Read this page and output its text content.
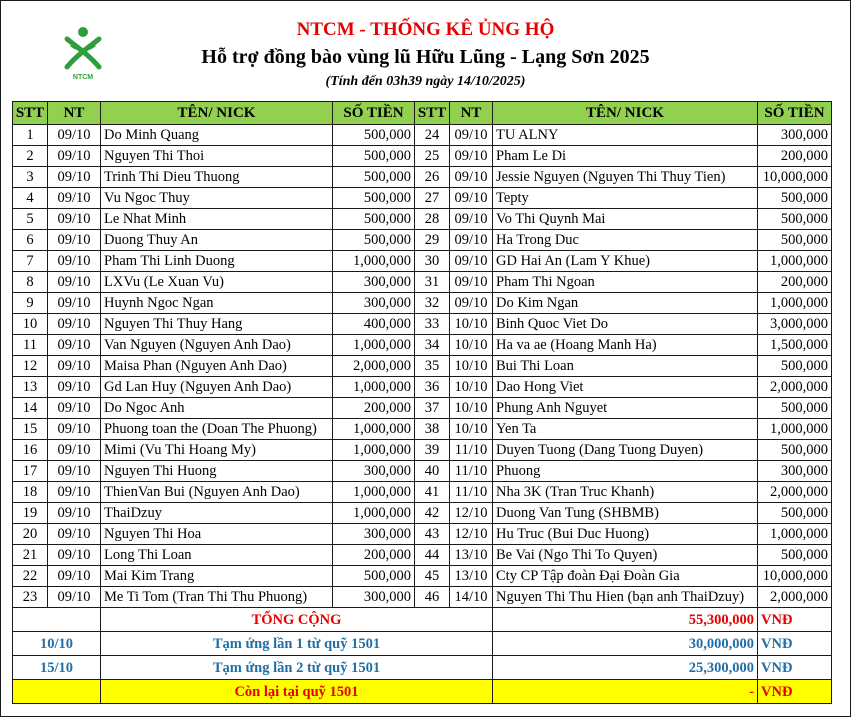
NTCM
NTCM - THỐNG KÊ ỦNG HỘ
Hỗ trợ đồng bào vùng lũ Hữu Lũng - Lạng Sơn 2025
(Tính đến 03h39 ngày 14/10/2025)
STT	NT	TÊN/ NICK	SỐ TIỀN	STT	NT	TÊN/ NICK	SỐ TIỀN
1	09/10	Do Minh Quang	500,000	24	09/10	TU ALNY	300,000
2	09/10	Nguyen Thi Thoi	500,000	25	09/10	Pham Le Di	200,000
3	09/10	Trinh Thi Dieu Thuong	500,000	26	09/10	Jessie Nguyen (Nguyen Thi Thuy Tien)	10,000,000
4	09/10	Vu Ngoc Thuy	500,000	27	09/10	Tepty	500,000
5	09/10	Le Nhat Minh	500,000	28	09/10	Vo Thi Quynh Mai	500,000
6	09/10	Duong Thuy An	500,000	29	09/10	Ha Trong Duc	500,000
7	09/10	Pham Thi Linh Duong	1,000,000	30	09/10	GD Hai An (Lam Y Khue)	1,000,000
8	09/10	LXVu (Le Xuan Vu)	300,000	31	09/10	Pham Thi Ngoan	200,000
9	09/10	Huynh Ngoc Ngan	300,000	32	09/10	Do Kim Ngan	1,000,000
10	09/10	Nguyen Thi Thuy Hang	400,000	33	10/10	Binh Quoc Viet Do	3,000,000
11	09/10	Van Nguyen (Nguyen Anh Dao)	1,000,000	34	10/10	Ha va ae (Hoang Manh Ha)	1,500,000
12	09/10	Maisa Phan (Nguyen Anh Dao)	2,000,000	35	10/10	Bui Thi Loan	500,000
13	09/10	Gd Lan Huy (Nguyen Anh Dao)	1,000,000	36	10/10	Dao Hong Viet	2,000,000
14	09/10	Do Ngoc Anh	200,000	37	10/10	Phung Anh Nguyet	500,000
15	09/10	Phuong toan the (Doan The Phuong)	1,000,000	38	10/10	Yen Ta	1,000,000
16	09/10	Mimi (Vu Thi Hoang My)	1,000,000	39	11/10	Duyen Tuong (Dang Tuong Duyen)	500,000
17	09/10	Nguyen Thi Huong	300,000	40	11/10	Phuong	300,000
18	09/10	ThienVan Bui (Nguyen Anh Dao)	1,000,000	41	11/10	Nha 3K (Tran Truc Khanh)	2,000,000
19	09/10	ThaiDzuy	1,000,000	42	12/10	Duong Van Tung (SHBMB)	500,000
20	09/10	Nguyen Thi Hoa	300,000	43	12/10	Hu Truc (Bui Duc Huong)	1,000,000
21	09/10	Long Thi Loan	200,000	44	13/10	Be Vai (Ngo Thi To Quyen)	500,000
22	09/10	Mai Kim Trang	500,000	45	13/10	Cty CP Tập đoàn Đại Đoàn Gia	10,000,000
23	09/10	Me Ti Tom (Tran Thi Thu Phuong)	300,000	46	14/10	Nguyen Thi Thu Hien (bạn anh ThaiDzuy)	2,000,000
		TỔNG CỘNG				55,300,000	VNĐ
10/10		Tạm ứng lần 1 từ quỹ 1501				30,000,000	VNĐ
15/10		Tạm ứng lần 2 từ quỹ 1501				25,300,000	VNĐ
		Còn lại tại quỹ 1501				-	VNĐ
